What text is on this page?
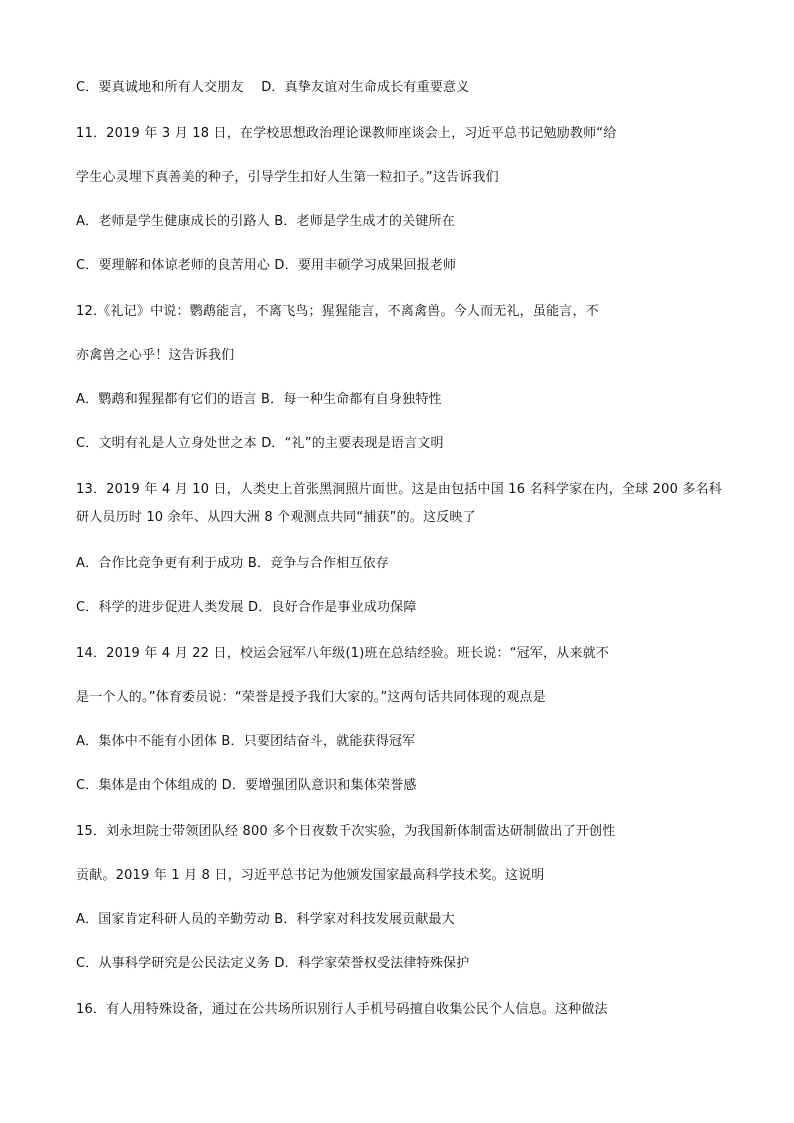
C．要真诚地和所有人交朋友　 D．真挚友谊对生命成长有重要意义
11．2019 年 3 月 18 日，在学校思想政治理论课教师座谈会上，习近平总书记勉励教师“给
学生心灵埋下真善美的种子，引导学生扣好人生第一粒扣子。”这告诉我们
A．老师是学生健康成长的引路人 B．老师是学生成才的关键所在
C．要理解和体谅老师的良苦用心 D．要用丰硕学习成果回报老师
12.《礼记》中说：鹦鹉能言，不离飞鸟；猩猩能言，不离禽兽。今人而无礼，虽能言，不
亦禽兽之心乎！这告诉我们
A．鹦鹉和猩猩都有它们的语言 B．每一种生命都有自身独特性
C．文明有礼是人立身处世之本 D．“礼”的主要表现是语言文明
13．2019 年 4 月 10 日，人类史上首张黑洞照片面世。这是由包括中国 16 名科学家在内，全球 200 多名科
研人员历时 10 余年、从四大洲 8 个观测点共同“捕获”的。这反映了
A．合作比竞争更有利于成功 B．竞争与合作相互依存
C．科学的进步促进人类发展 D．良好合作是事业成功保障
14．2019 年 4 月 22 日，校运会冠军八年级(1)班在总结经验。班长说：“冠军，从来就不
是一个人的。”体育委员说：“荣誉是授予我们大家的。”这两句话共同体现的观点是
A．集体中不能有小团体 B．只要团结奋斗，就能获得冠军
C．集体是由个体组成的 D．要增强团队意识和集体荣誉感
15．刘永坦院士带领团队经 800 多个日夜数千次实验，为我国新体制雷达研制做出了开创性
贡献。2019 年 1 月 8 日，习近平总书记为他颁发国家最高科学技术奖。这说明
A．国家肯定科研人员的辛勤劳动 B．科学家对科技发展贡献最大
C．从事科学研究是公民法定义务 D．科学家荣誉权受法律特殊保护
16．有人用特殊设备，通过在公共场所识别行人手机号码擅自收集公民个人信息。这种做法
